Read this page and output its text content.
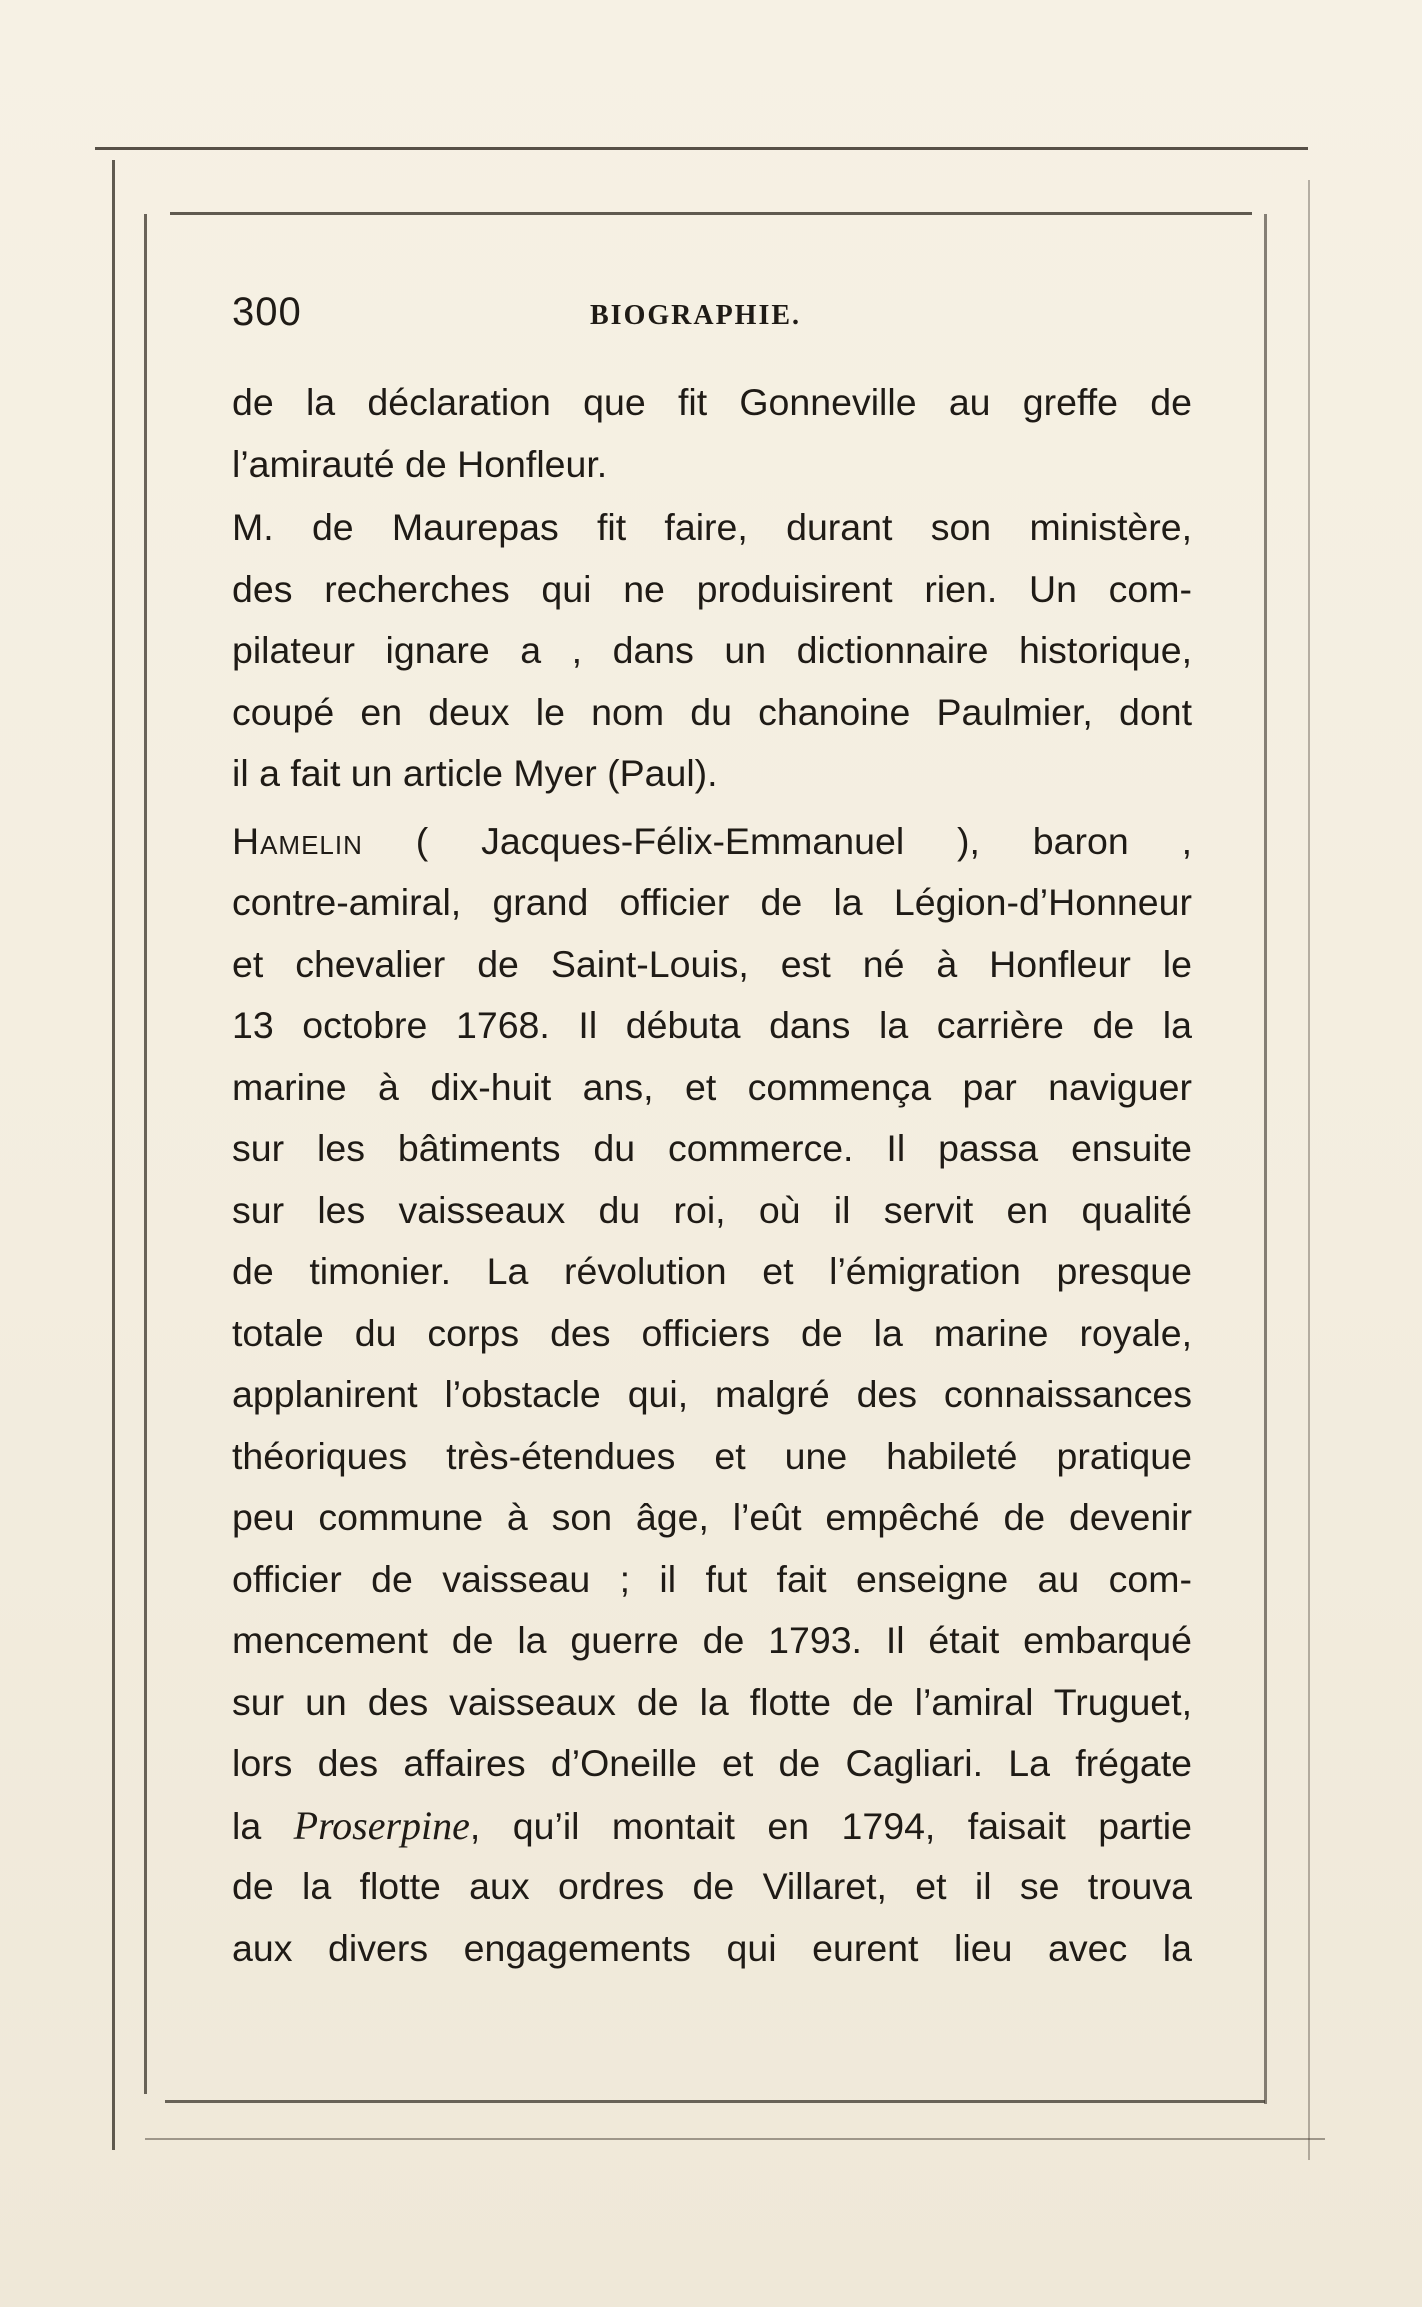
300	BIOGRAPHIE.
de la déclaration que fit Gonneville au greffe de
l’amirauté de Honfleur.
M. de Maurepas fit faire, durant son ministère,
des recherches qui ne produisirent rien. Un com-
pilateur ignare a , dans un dictionnaire historique,
coupé en deux le nom du chanoine Paulmier, dont
il a fait un article Myer (Paul).
Hamelin ( Jacques-Félix-Emmanuel ), baron ,
contre-amiral, grand officier de la Légion-d’Honneur
et chevalier de Saint-Louis, est né à Honfleur le
13 octobre 1768. Il débuta dans la carrière de la
marine à dix-huit ans, et commença par naviguer
sur les bâtiments du commerce. Il passa ensuite
sur les vaisseaux du roi, où il servit en qualité
de timonier. La révolution et l’émigration presque
totale du corps des officiers de la marine royale,
applanirent l’obstacle qui, malgré des connaissances
théoriques très-étendues et une habileté pratique
peu commune à son âge, l’eût empêché de devenir
officier de vaisseau ; il fut fait enseigne au com-
mencement de la guerre de 1793. Il était embarqué
sur un des vaisseaux de la flotte de l’amiral Truguet,
lors des affaires d’Oneille et de Cagliari. La frégate
la Proserpine, qu’il montait en 1794, faisait partie
de la flotte aux ordres de Villaret, et il se trouva
aux divers engagements qui eurent lieu avec la
